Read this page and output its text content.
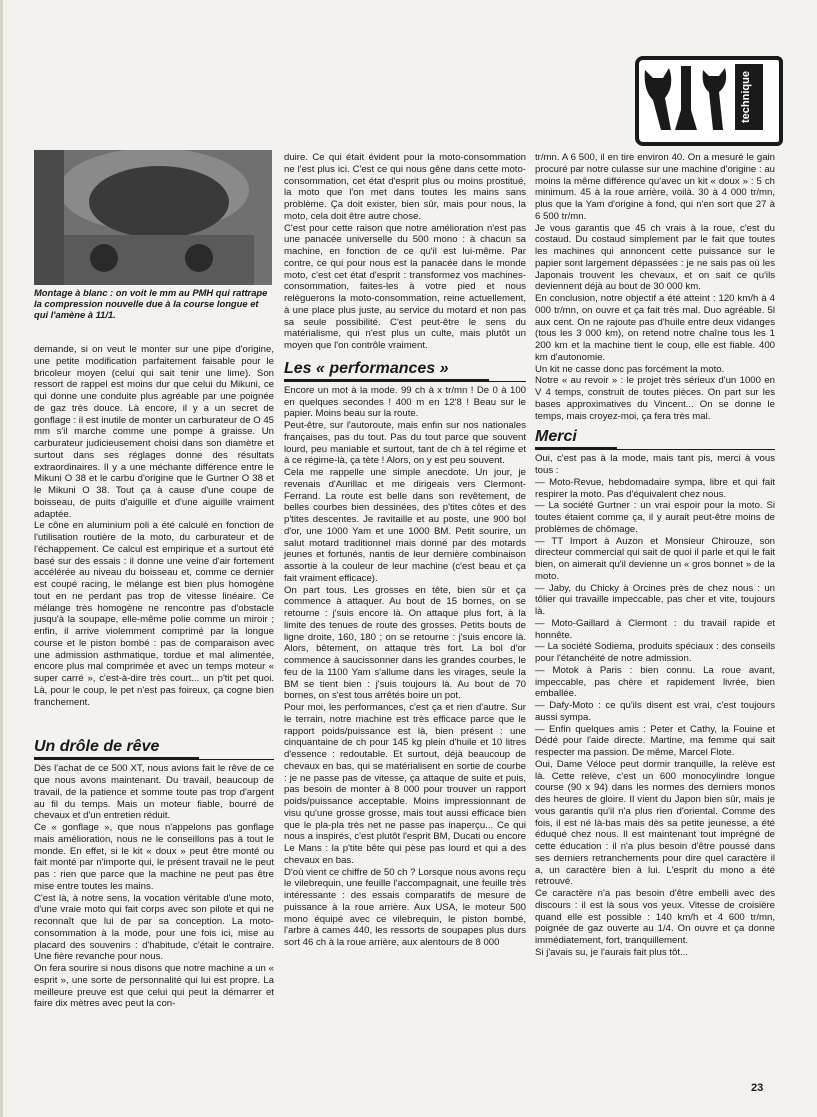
technique
Montage à blanc : on voit le mm au PMH qui rattrape la compression nouvelle due à la course longue et qui l'amène à 11/1.

demande, si on veut le monter sur une pipe d'origine, une petite modification parfaitement faisable pour le bricoleur moyen (celui qui sait tenir une lime). Son ressort de rappel est moins dur que celui du Mikuni, ce qui donne une conduite plus agréable par une poignée de gaz très douce. Là encore, il y a un secret de gonflage : il est inutile de monter un carburateur de O 45 mm s'il marche comme une pompe à graisse. Un carburateur judicieusement choisi dans son diamètre et surtout dans ses réglages donne des résultats extraordinaires. Il y a une méchante différence entre le Mikuni O 38 et le carbu d'origine que le Gurtner O 38 et le Mikuni O 38. Tout ça à cause d'une coupe de boisseau, de puits d'aiguille et d'une aiguille vraiment adaptée.

Le cône en aluminium poli a été calculé en fonction de l'utilisation routière de la moto, du carburateur et de l'échappement. Ce calcul est empirique et a surtout été basé sur des essais : il donne une veine d'air fortement accélérée au niveau du boisseau et, comme ce dernier est coupé racing, le mélange est bien plus homogène tout en ne perdant pas trop de vitesse linéaire. Ce mélange très homogène ne rencontre pas d'obstacle jusqu'à la soupape, elle-même polie comme un miroir ; enfin, il arrive violemment comprimé par la longue course et le piston bombé : pas de comparaison avec une admission asthmatique, tordue et mal alimentée, encore plus mal comprimée et avec un temps moteur « super carré », c'est-à-dire très court... un p'tit pet quoi. Là, pour le coup, le pet n'est pas foireux, ça cogne bien franchement.

Un drôle de rêve

Dès l'achat de ce 500 XT, nous avions fait le rêve de ce que nous avons maintenant. Du travail, beaucoup de travail, de la patience et somme toute pas trop d'argent au fil du temps. Mais un moteur fiable, bourré de chevaux et d'un entretien réduit.

Ce « gonflage », que nous n'appelons pas gonflage mais amélioration, nous ne le conseillons pas à tout le monde. En effet, si le kit « doux » peut être monté ou fait monté par n'importe qui, le présent travail ne le peut pas : rien que parce que la machine ne peut pas être mise entre toutes les mains.

C'est là, à notre sens, la vocation véritable d'une moto, d'une vraie moto qui fait corps avec son pilote et qui ne reconnaît que lui de par sa conception. La moto-consommation à la mode, pour une fois ici, mise au placard des souvenirs : d'habitude, c'était le contraire. Une fière revanche pour nous.

On fera sourire si nous disons que notre machine a un « esprit », une sorte de personnalité qui lui est propre. La meilleure preuve est que celui qui peut la démarrer et faire dix mètres avec peut la con-

duire. Ce qui était évident pour la moto-consommation ne l'est plus ici. C'est ce qui nous gêne dans cette moto-consommation, cet état d'esprit plus ou moins prostitué, la moto que l'on met dans toutes les mains sans problème. Ça doit exister, bien sûr, mais pour nous, la moto, cela doit être autre chose.

C'est pour cette raison que notre amélioration n'est pas une panacée universelle du 500 mono : à chacun sa machine, en fonction de ce qu'il est lui-même. Par contre, ce qui pour nous est la panacée dans le monde moto, c'est cet état d'esprit : transformez vos machines-consommation, faites-les à votre pied et nous relèguerons la moto-consommation, reine actuellement, à une place plus juste, au service du motard et non pas sa seule possibilité. C'est peut-être le sens du matérialisme, qui n'est plus un culte, mais plutôt un moyen que l'on contrôle vraiment.

Les « performances »

Encore un mot à la mode. 99 ch à x tr/mn ! De 0 à 100 en quelques secondes ! 400 m en 12'8 ! Beau sur le papier. Moins beau sur la route.

Peut-être, sur l'autoroute, mais enfin sur nos nationales françaises, pas du tout. Pas du tout parce que souvent lourd, peu maniable et surtout, tant de ch à tel régime et à ce régime-là, ça tète ! Alors, on y est peu souvent.

Cela me rappelle une simple anecdote. Un jour, je revenais d'Aurillac et me dirigeais vers Clermont-Ferrand. La route est belle dans son revêtement, de belles courbes bien dessinées, des p'tites côtes et des p'tites descentes. Je ravitaille et au poste, une 900 bol d'or, une 1000 Yam et une 1000 BM. Petit sourire, un salut motard traditionnel mais donné par des motards jeunes et fortunés, nantis de leur dernière combinaison assortie à la couleur de leur machine (c'est beau et ça fait vraiment efficace).

On part tous. Les grosses en tête, bien sûr et ça commence à attaquer. Au bout de 15 bornes, on se retourne : j'suis encore là. On attaque plus fort, à la limite des tenues de route des grosses. Petits bouts de ligne droite, 160, 180 ; on se retourne : j'suis encore là. Alors, bêtement, on attaque très fort. La bol d'or commence à saucissonner dans les grandes courbes, le feu de la 1100 Yam s'allume dans les virages, seule la BM se tient bien : j'suis toujours là. Au bout de 70 bornes, on s'est tous arrêtés boire un pot.

Pour moi, les performances, c'est ça et rien d'autre. Sur le terrain, notre machine est très efficace parce que le rapport poids/puissance est là, bien présent : une cinquantaine de ch pour 145 kg plein d'huile et 10 litres d'essence : redoutable. Et surtout, déjà beaucoup de chevaux en bas, qui se matérialisent en sortie de courbe : je ne passe pas de vitesse, ça attaque de suite et puis, pas besoin de monter à 8 000 pour trouver un rapport poids/puissance acceptable. Moins impressionnant de visu qu'une grosse grosse, mais tout aussi efficace bien que le pla-pla très net ne passe pas inaperçu... Ce qui nous a inspirés, c'est plutôt l'esprit BM, Ducati ou encore Le Mans : la p'tite bête qui pèse pas lourd et qui a des chevaux en bas.

D'où vient ce chiffre de 50 ch ? Lorsque nous avons reçu le vilebrequin, une feuille l'accompagnait, une feuille très intéressante : des essais comparatifs de mesure de puissance à la roue arrière. Aux USA, le moteur 500 mono équipé avec ce vilebrequin, le piston bombé, l'arbre à cames 440, les ressorts de soupapes plus durs sort 46 ch à la roue arrière, aux alentours de 8 000

tr/mn. A 6 500, il en tire environ 40. On a mesuré le gain procuré par notre culasse sur une machine d'origine : au moins la même différence qu'avec un kit « doux » : 5 ch minimum. 45 à la roue arrière, voilà. 30 à 4 000 tr/mn, plus que la Yam d'origine à fond, qui n'en sort que 27 à 6 500 tr/mn.

Je vous garantis que 45 ch vrais à la roue, c'est du costaud. Du costaud simplement par le fait que toutes les machines qui annoncent cette puissance sur le papier sont largement dépassées : je ne sais pas où les Japonais trouvent les chevaux, et on sait ce qu'ils deviennent déjà au bout de 30 000 km.

En conclusion, notre objectif a été atteint : 120 km/h à 4 000 tr/mn, on ouvre et ça fait très mal. Duo agréable. 5l aux cent. On ne rajoute pas d'huile entre deux vidanges (tous les 3 000 km), on retend notre chaîne tous les 1 200 km et la machine tient le coup, elle est fiable. 400 km d'autonomie.

Un kit ne casse donc pas forcément la moto.

Notre « au revoir » : le projet très sérieux d'un 1000 en V 4 temps, construit de toutes pièces. On part sur les bases approximatives du Vincent... On se donne le temps, mais croyez-moi, ça fera très mal.

Merci

Oui, c'est pas à la mode, mais tant pis, merci à vous tous :

— Moto-Revue, hebdomadaire sympa, libre et qui fait respirer la moto. Pas d'équivalent chez nous.

— La société Gurtner : un vrai espoir pour la moto. Si toutes étaient comme ça, il y aurait peut-être moins de problèmes de chômage.

— TT Import à Auzon et Monsieur Chirouze, son directeur commercial qui sait de quoi il parle et qui le fait bien, on aimerait qu'il devienne un « gros bonnet » de la moto.

— Jaby, du Chicky à Orcines près de chez nous : un tôlier qui travaille impeccable, pas cher et vite, toujours là.

— Moto-Gaillard à Clermont : du travail rapide et honnête.

— La société Sodiema, produits spéciaux : des conseils pour l'étanchéité de notre admission.

— Motok à Paris : bien connu. La roue avant, impeccable, pas chère et rapidement livrée, bien emballée.

— Dafy-Moto : ce qu'ils disent est vrai, c'est toujours aussi sympa.

— Enfin quelques amis : Peter et Cathy, la Fouine et Dédé pour l'aide directe. Martine, ma femme qui sait respecter ma passion. De même, Marcel Flote.

Oui, Dame Véloce peut dormir tranquille, la relève est là. Cette relève, c'est un 600 monocylindre longue course (90 x 94) dans les normes des derniers monos des heures de gloire. Il vient du Japon bien sûr, mais je vous garantis qu'il n'a plus rien d'oriental. Comme des fois, il est né là-bas mais dès sa petite jeunesse, a été éduqué chez nous. Il est maintenant tout imprégné de cette éducation : il n'a plus besoin d'être poussé dans ses derniers retranchements pour dire quel caractère il a, un caractère bien à lui. L'esprit du mono a été retrouvé.

Ce caractère n'a pas besoin d'être embelli avec des discours : il est là sous vos yeux. Vitesse de croisière quand elle est possible : 140 km/h et 4 600 tr/mn, poignée de gaz ouverte au 1/4. On ouvre et ça donne immédiatement, fort, tranquillement.

Si j'avais su, je l'aurais fait plus tôt...

23
